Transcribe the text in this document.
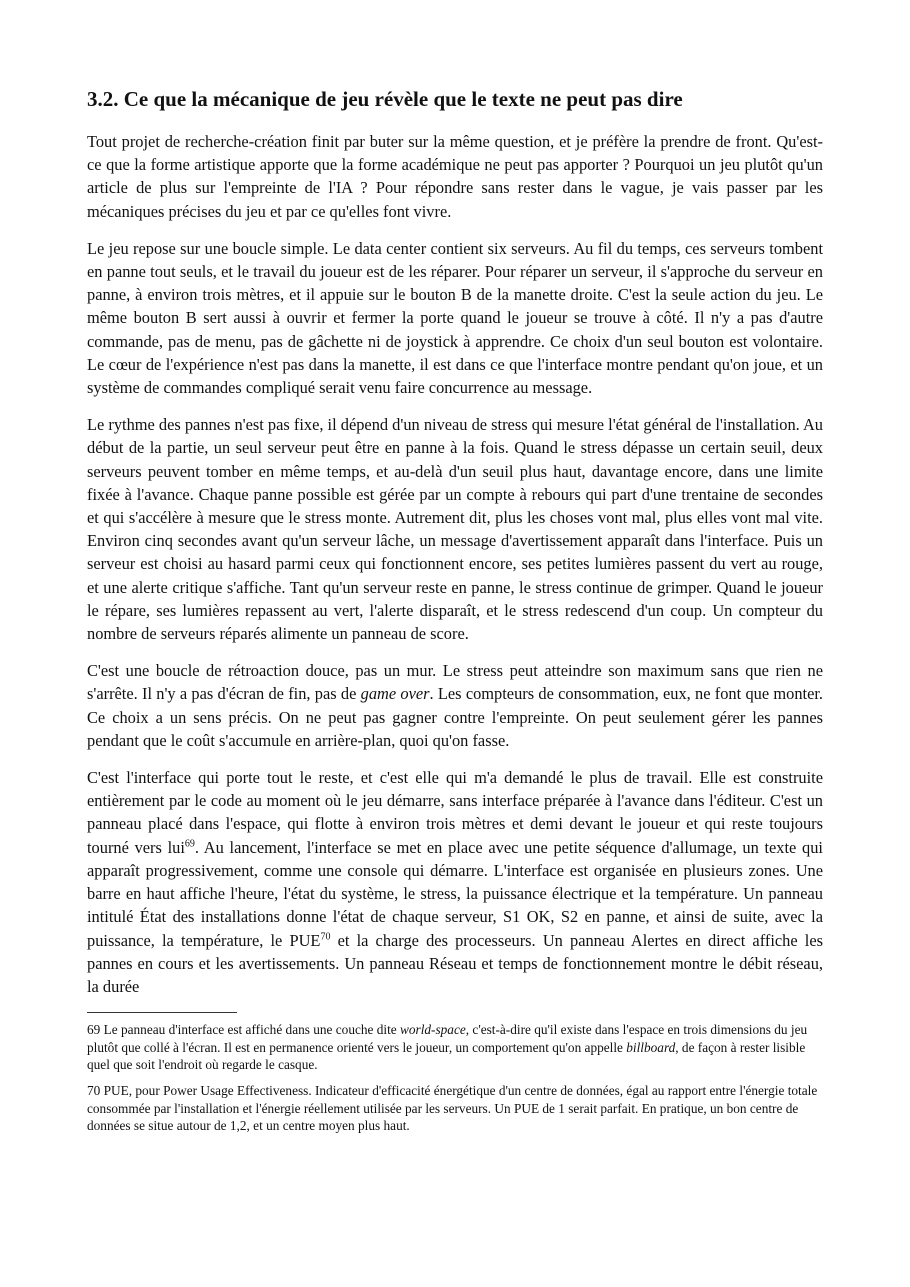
3.2. Ce que la mécanique de jeu révèle que le texte ne peut pas dire

Tout projet de recherche-création finit par buter sur la même question, et je préfère la prendre de front. Qu'est-ce que la forme artistique apporte que la forme académique ne peut pas apporter ? Pourquoi un jeu plutôt qu'un article de plus sur l'empreinte de l'IA ? Pour répondre sans rester dans le vague, je vais passer par les mécaniques précises du jeu et par ce qu'elles font vivre.

Le jeu repose sur une boucle simple. Le data center contient six serveurs. Au fil du temps, ces serveurs tombent en panne tout seuls, et le travail du joueur est de les réparer. Pour réparer un serveur, il s'approche du serveur en panne, à environ trois mètres, et il appuie sur le bouton B de la manette droite. C'est la seule action du jeu. Le même bouton B sert aussi à ouvrir et fermer la porte quand le joueur se trouve à côté. Il n'y a pas d'autre commande, pas de menu, pas de gâchette ni de joystick à apprendre. Ce choix d'un seul bouton est volontaire. Le cœur de l'expérience n'est pas dans la manette, il est dans ce que l'interface montre pendant qu'on joue, et un système de commandes compliqué serait venu faire concurrence au message.

Le rythme des pannes n'est pas fixe, il dépend d'un niveau de stress qui mesure l'état général de l'installation. Au début de la partie, un seul serveur peut être en panne à la fois. Quand le stress dépasse un certain seuil, deux serveurs peuvent tomber en même temps, et au-delà d'un seuil plus haut, davantage encore, dans une limite fixée à l'avance. Chaque panne possible est gérée par un compte à rebours qui part d'une trentaine de secondes et qui s'accélère à mesure que le stress monte. Autrement dit, plus les choses vont mal, plus elles vont mal vite. Environ cinq secondes avant qu'un serveur lâche, un message d'avertissement apparaît dans l'interface. Puis un serveur est choisi au hasard parmi ceux qui fonctionnent encore, ses petites lumières passent du vert au rouge, et une alerte critique s'affiche. Tant qu'un serveur reste en panne, le stress continue de grimper. Quand le joueur le répare, ses lumières repassent au vert, l'alerte disparaît, et le stress redescend d'un coup. Un compteur du nombre de serveurs réparés alimente un panneau de score.

C'est une boucle de rétroaction douce, pas un mur. Le stress peut atteindre son maximum sans que rien ne s'arrête. Il n'y a pas d'écran de fin, pas de game over. Les compteurs de consommation, eux, ne font que monter. Ce choix a un sens précis. On ne peut pas gagner contre l'empreinte. On peut seulement gérer les pannes pendant que le coût s'accumule en arrière-plan, quoi qu'on fasse.

C'est l'interface qui porte tout le reste, et c'est elle qui m'a demandé le plus de travail. Elle est construite entièrement par le code au moment où le jeu démarre, sans interface préparée à l'avance dans l'éditeur. C'est un panneau placé dans l'espace, qui flotte à environ trois mètres et demi devant le joueur et qui reste toujours tourné vers lui$^{69}$. Au lancement, l'interface se met en place avec une petite séquence d'allumage, un texte qui apparaît progressivement, comme une console qui démarre. L'interface est organisée en plusieurs zones. Une barre en haut affiche l'heure, l'état du système, le stress, la puissance électrique et la température. Un panneau intitulé État des installations donne l'état de chaque serveur, S1 OK, S2 en panne, et ainsi de suite, avec la puissance, la température, le PUE$^{70}$ et la charge des processeurs. Un panneau Alertes en direct affiche les pannes en cours et les avertissements. Un panneau Réseau et temps de fonctionnement montre le débit réseau, la durée

69 Le panneau d'interface est affiché dans une couche dite world-space, c'est-à-dire qu'il existe dans l'espace en trois dimensions du jeu plutôt que collé à l'écran. Il est en permanence orienté vers le joueur, un comportement qu'on appelle billboard, de façon à rester lisible quel que soit l'endroit où regarde le casque.

70 PUE, pour Power Usage Effectiveness. Indicateur d'efficacité énergétique d'un centre de données, égal au rapport entre l'énergie totale consommée par l'installation et l'énergie réellement utilisée par les serveurs. Un PUE de 1 serait parfait. En pratique, un bon centre de données se situe autour de 1,2, et un centre moyen plus haut.
